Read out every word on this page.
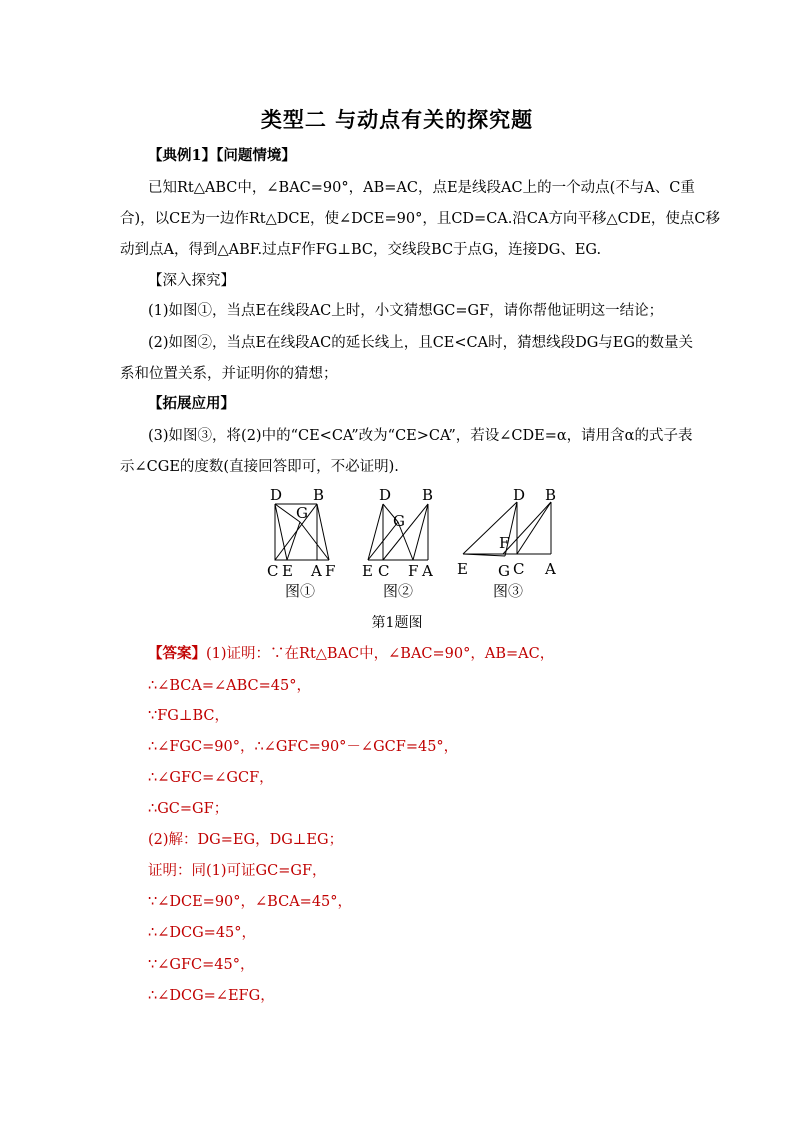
类型二 与动点有关的探究题
【典例1】【问题情境】
已知Rt△ABC中，∠BAC=90°，AB=AC，点E是线段AC上的一个动点(不与A、C重
合)，以CE为一边作Rt△DCE，使∠DCE=90°，且CD=CA.沿CA方向平移△CDE，使点C移
动到点A，得到△ABF.过点F作FG⊥BC，交线段BC于点G，连接DG、EG.
【深入探究】
(1)如图①，当点E在线段AC上时，小文猜想GC=GF，请你帮他证明这一结论；
(2)如图②，当点E在线段AC的延长线上，且CE<CA时，猜想线段DG与EG的数量关
系和位置关系，并证明你的猜想；
【拓展应用】
(3)如图③，将(2)中的“CE<CA”改为“CE>CA”，若设∠CDE=α，请用含α的式子表
示∠CGE的度数(直接回答即可，不必证明).
D B
G
C E A F
D B
G
E C F A
D B
F
E G C A
图①	图②	图③
第1题图
【答案】(1)证明：∵在Rt△BAC中，∠BAC=90°，AB=AC，
∴∠BCA=∠ABC=45°，
∵FG⊥BC，
∴∠FGC=90°，∴∠GFC=90°－∠GCF=45°，
∴∠GFC=∠GCF，
∴GC=GF；
(2)解：DG=EG，DG⊥EG；
证明：同(1)可证GC=GF，
∵∠DCE=90°，∠BCA=45°，
∴∠DCG=45°，
∵∠GFC=45°，
∴∠DCG=∠EFG，
